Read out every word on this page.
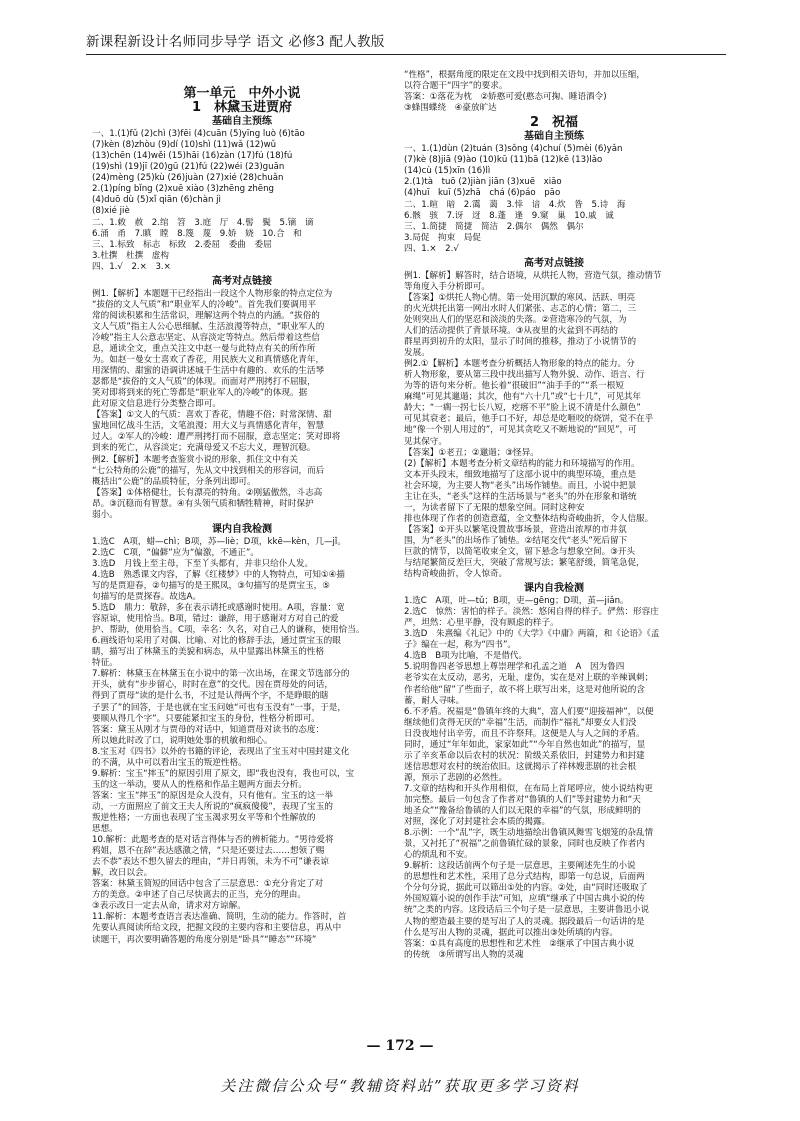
新课程新设计名师同步导学 语文 必修3 配人教版
第一单元　中外小说
1　林黛玉进贾府
基础自主预练

一、1.(1)fǔ (2)chì (3)fēi (4)cuān (5)yīng luò (6)tāo

(7)kèn (8)zhòu (9)dí (10)shì (11)wǎ (12)wǔ

(13)chēn (14)wěi (15)hāi (16)zàn (17)fú (18)fú

(19)shì (19)jī (20)gū (21)fú (22)wéi (23)guān

(24)mèng (25)kù (26)juàn (27)xié (28)chuǎn

2.(1)píng bǐng (2)xuē xiào (3)zhēng zhēng

(4)duō dù (5)xǐ qiān (6)chàn jì

(8)xié jiè

二、1.敕　赦　2.绾　笤　3.庭　厅　4.髻　鬓　5.镝　谪

6.涌　甬　7.瞋　瞠　8.篾　蔑　9.娇　娆　10.合　和

三、1.标致　标志　标致　2.委屈　委曲　委屈

3.杜撰　杜撰　虚构

四、1.√　2.×　3.×

高考对点链接

例1.【解析】本题题干已经指出一段这个人物形象的特点定位为

“拔俗的文人气质”和“职业军人的冷峻”。首先我们要调用平

常的阅读积累和生活常识，理解这两个特点的内涵。“拔俗的

文人气质”指主人公心思细腻、生活浪漫等特点，“职业军人的

冷峻”指主人公意志坚定、从容淡定等特点。然后带着这些信

息，通读全文，重点关注文中赵一曼与此特点有关的所作所

为。如赵一曼女士喜欢了香花，用民族大义和真情感化青年，

用深情的、甜蜜的语调讲述城千生活中有趣的、欢乐的生活琴

瑟都是“拔俗的文人气质”的体现。而面对严刑拷打不屈服，

笑对即将到来的死亡等都是“职业军人的冷峻”的体现。据

此对原文信息进行分类整合即可。

【答案】①文人的气质：喜欢丁香花，情趣不俗；时常深情、甜

蜜地回忆战斗生活，文笔浪漫；用大义与真情感化青年，智慧

过人。②军人的冷峻：遭严刑拷打而不屈服，意志坚定；笑对即将

到来的死亡，从容淡定；充满母爱又不忘大义，理智沉稳。

例2.【解析】本题考查鉴赏小说的形象，抓住文中有关

“七公特角的公鹿”的描写，先从文中找到相关的形容词，而后

概括出“公鹿”的品质特征，分条列出即可。

【答案】①体格健壮，长有漂亮的特角。②刚猛傲然，斗志高

昂。③沉稳而有智慧。④有头领气质和牺牲精神，时时保护

弱小。

课内自我检测

1.选C　A项，蜡—chì；B项，苏—liè；D项，kkē—kèn，几—jǐ。

2.选C　C项，“偏僻”应为“偏激，不通正”。

3.选D　月钱上至主母，下至丫头都有，并非只给仆人发。

4.选B　熟悉课文内容，了解《红楼梦》中的人物特点，可知①④描

写的是贾迎春，②句描写的是王熙凤，③句描写的是贾宝玉，⑤

句描写的是贾探春。故选A。

5.选D　鼎力：敬辞，多在表示请托或感谢时使用。A项，容量：宽

容原谅，使用恰当。B项，错过：谦辞，用于感谢对方对自己的爱

护、帮助，使用恰当。C项，幸名：久名，对自己人的谦称，使用恰当。

6.画线语句采用了对偶、比喻、对比的修辞手法，通过贾宝玉的眼

睛，描写出了林黛玉的美貌和病态，从中显露出林黛玉的性格

特征。

7.解析：林黛玉在林黛玉在小说中的第一次出场，在课文节选部分的

开头，就有“步步留心，时时在意”的交代。因在贾母处的问话，

得到了贾母“读的是什么书，不过是认得两个字，不是睁眼的瞎

子罢了”的回答，于是也就在宝玉问她“可也有玉没有”一事，于是，

要顺从得几个字”。只要能紧扣宝玉的身份，性格分析即可。

答案：黛玉从刚才与贾母的对话中，知道贾母对读书的态度：

所以她此时改了口，说明她处事的机敏和细心。

8.宝玉对《四书》以外的书籍的评论，表现出了宝玉对中国封建文化

的不满，从中可以看出宝玉的叛逆性格。

9.解析：宝玉“摔玉”的原因引用了原文，即“我也没有，我也可以，宝

玉的这一举动，要从人的性格和作品主题两方面去分析。

答案：宝玉“摔玉”的原因是众人没有，只有他有。宝玉的这一举

动，一方面照应了前文王夫人所说的“疯疯傻傻”，表现了宝玉的

叛逆性格；一方面也表现了宝玉渴求男女平等和个性解放的

思想。

10.解析：此题考查的是对话言得体与否的辨析能力。“男待爱将

鸦姐，恩不在辞”表达感激之情，“只是还要过去……想领了赐

去不恭”表达不想久留去的理由，“并日再领，未为不可”谦表谅

解，改日以会。

答案：林黛玉简短的回话中包含了三层意思：①充分肯定了对

方的美意。②申述了自己尽快离去的正当，充分的理由。

③表示改日一定去从命，请求对方谅解。

11.解析：本题考查语言表达准确、简明，生动的能力。作答时，首

先要认真阅读所给文段，把握文段的主要内容和主要信息，再从中

读题干，再次要明确答题的角度分别是“卧具”“睡态”“环境”

“性格”，根据角度的限定在文段中找到相关语句，并加以压缩，

以符合题干“四字”的要求。

答案：①落花为枕　②娇憨可爱(憨态可掬、睡语酒令)

③蜂围蝶绕　④豪放旷达

2　祝福
基础自主预练

一、1.(1)dùn (2)tuán (3)sǒng (4)chuí (5)mèi (6)yǎn

(7)kè (8)jiā (9)ào (10)kū (11)bā (12)kē (13)lǎo

(14)cù (15)xīn (16)lì

2.(1)tà　tuō (2)jiàn jiān (3)xuē　xiāo

(4)huī　kuī (5)zhā　chá (6)páo　pāo

二、1.暄　暗　2.霭　蔼　3.悻　谙　4.炊　昝　5.诗　海

6.骸　骇　7.讶　迓　8.蓬　逢　9.窠　巢　10.戚　诚

三、1.简捷　简捷　简洁　2.偶尔　偶然　偶尔

3.局促　拘束　局促

四、1.×　2.√

高考对点链接

例1.【解析】解答时，结合语境，从烘托人物，营造气氛，推动情节

等角度入手分析即可。

【答案】①烘托人物心情。第一处用沉默的寒风、活跃、明亮

的火光烘托出第一网出水时人们紧张、志忑的心情；第二，三

处则突出人们的坚忍和淡淡的失落。②营造寒冷的气氛，为

人们的活动提供了背景环境。③从夜里的火盆到不再结的

群星再到初升的太阳，显示了时间的推移，推动了小说情节的

发展。

例2.①【解析】本题考查分析概括人物形象的特点的能力。分

析人物形象，要从第三段中找出描写人物外貌、动作、语言、行

为等的语句来分析。他长着“很破旧”“油手手的”“系一根短

麻绳”可见其邋遢；其次，他有“六十几”或“七十几”，可见其年

龄大；“一瘸一拐七长八短，疙瘩不平”脸上说不清是什么颜色”

可见其衰老；最后，他手口不好，却总是吃咂咬的烧饼，觉不在乎

地“像一个别人用过的”，可见其贪吃又不断地说的“回见”，可

见其保守。

【答案】①老丑；②邋遢；③怪异。

(2)【解析】本题考查分析文章结构的能力和环境描写的作用。

文本开头段末，细致地描写了这部小说中的典型环境，重点是

社会环境，为主要人物“老头”出场作铺垫。而且，小说中把景

主让在头，“老头”这样的生活场景与“老头”的外在形象和谐统

一，为读者留下了无限的想象空间。同时这种安

排也体现了作者的创造意蕴，全文整体结构奇峻曲折，令人信服。

【答案】①开头以繁笔设置故事场景，营造出浓厚的市井氛

围，为“老头”的出场作了铺垫。②结尾交代“老头”死后留下

巨款的情节，以简笔收束全文，留下悬念与想象空间。③开头

与结尾繁简反差巨大，突破了常规写法；繁笔舒缓，简笔急促，

结构奇峻曲折，令人惊奇。

课内自我检测

1.选C　A项，吐—tǔ；B项，吏—gēng；D项，茧—jiǎn。

2.选C　惊然：害怕的样子。淡然：悠闲自得的样子。俨然：形容庄

严，坦然：心里平静，没有顾虑的样子。

3.选D　朱熹编《礼记》中的《大学》《中庸》两篇，和《论语》《孟

子》编在一起，称为“四书”。

4.选B　B项为比喻，不是借代。

5.说明鲁四老爷思想上尊崇理学和孔孟之道　A　因为鲁四

老爷实在太反动，恶劣，无耻，虚伪，实在是对上联的辛辣讽刺；

作者给他“留”了些面子，故不将上联写出来，这是对他所说的含

蓄，耐人寻味。

6.不矛盾。祝福是“鲁镇年终的大典”，富人们要“迎接福神”，以便

继续他们贪得无厌的“幸福”生活，而制作“福礼”却要女人们没

日没夜地付出辛劳，而且不许祭拜。这便是人与人之间的矛盾。

同时，通过“年年如此，家家如此”“今年自然也如此”的描写，显

示了辛亥革命以后农村的状况：阶级关系依旧，封建势力和封建

迷信思想对农村的统治依旧。这就揭示了祥林嫂悲剧的社会根

源，预示了悲剧的必然性。

7.文章的结构和开头作用相似，在布局上首尾呼应，使小说结构更

加完整。最后一句包含了作者对“鲁镇的人们”等封建势力和“天

地圣众”“豫备给鲁镇的人们以无限的幸福”的气氛，形成鲜明的

对照，深化了对封建社会本质的揭露。

8.示例：一个“乱”字，既生动地描绘出鲁镇风舞雪飞烟笼的杂乱情

景，又衬托了“祝福”之前鲁镇忙碌的景象，同时也反映了作者内

心的烦乱和不安。

9.解析：这段话前两个句子是一层意思，主要阐述先生的小说

的思想性和艺术性，采用了总分式结构，即第一句总说，后面两

个分句分说，据此可以筛出①处的内容。②处，由“同时还吸取了

外国短篇小说的创作手法”可知，应填“继承了中国古典小说的传

统”之类的内容。这段话后三个句子是一层意思，主要讲鲁迅小说

人物的塑造最主要的是写出了人的灵魂。据段最后一句话讲的是

什么是写出人物的灵魂，据此可以推出③处所填的内容。

答案：①具有高度的思想性和艺术性　②继承了中国古典小说

的传统　③所谓写出人物的灵魂

— 172 —
关注微信公众号“教辅资料站”获取更多学习资料
